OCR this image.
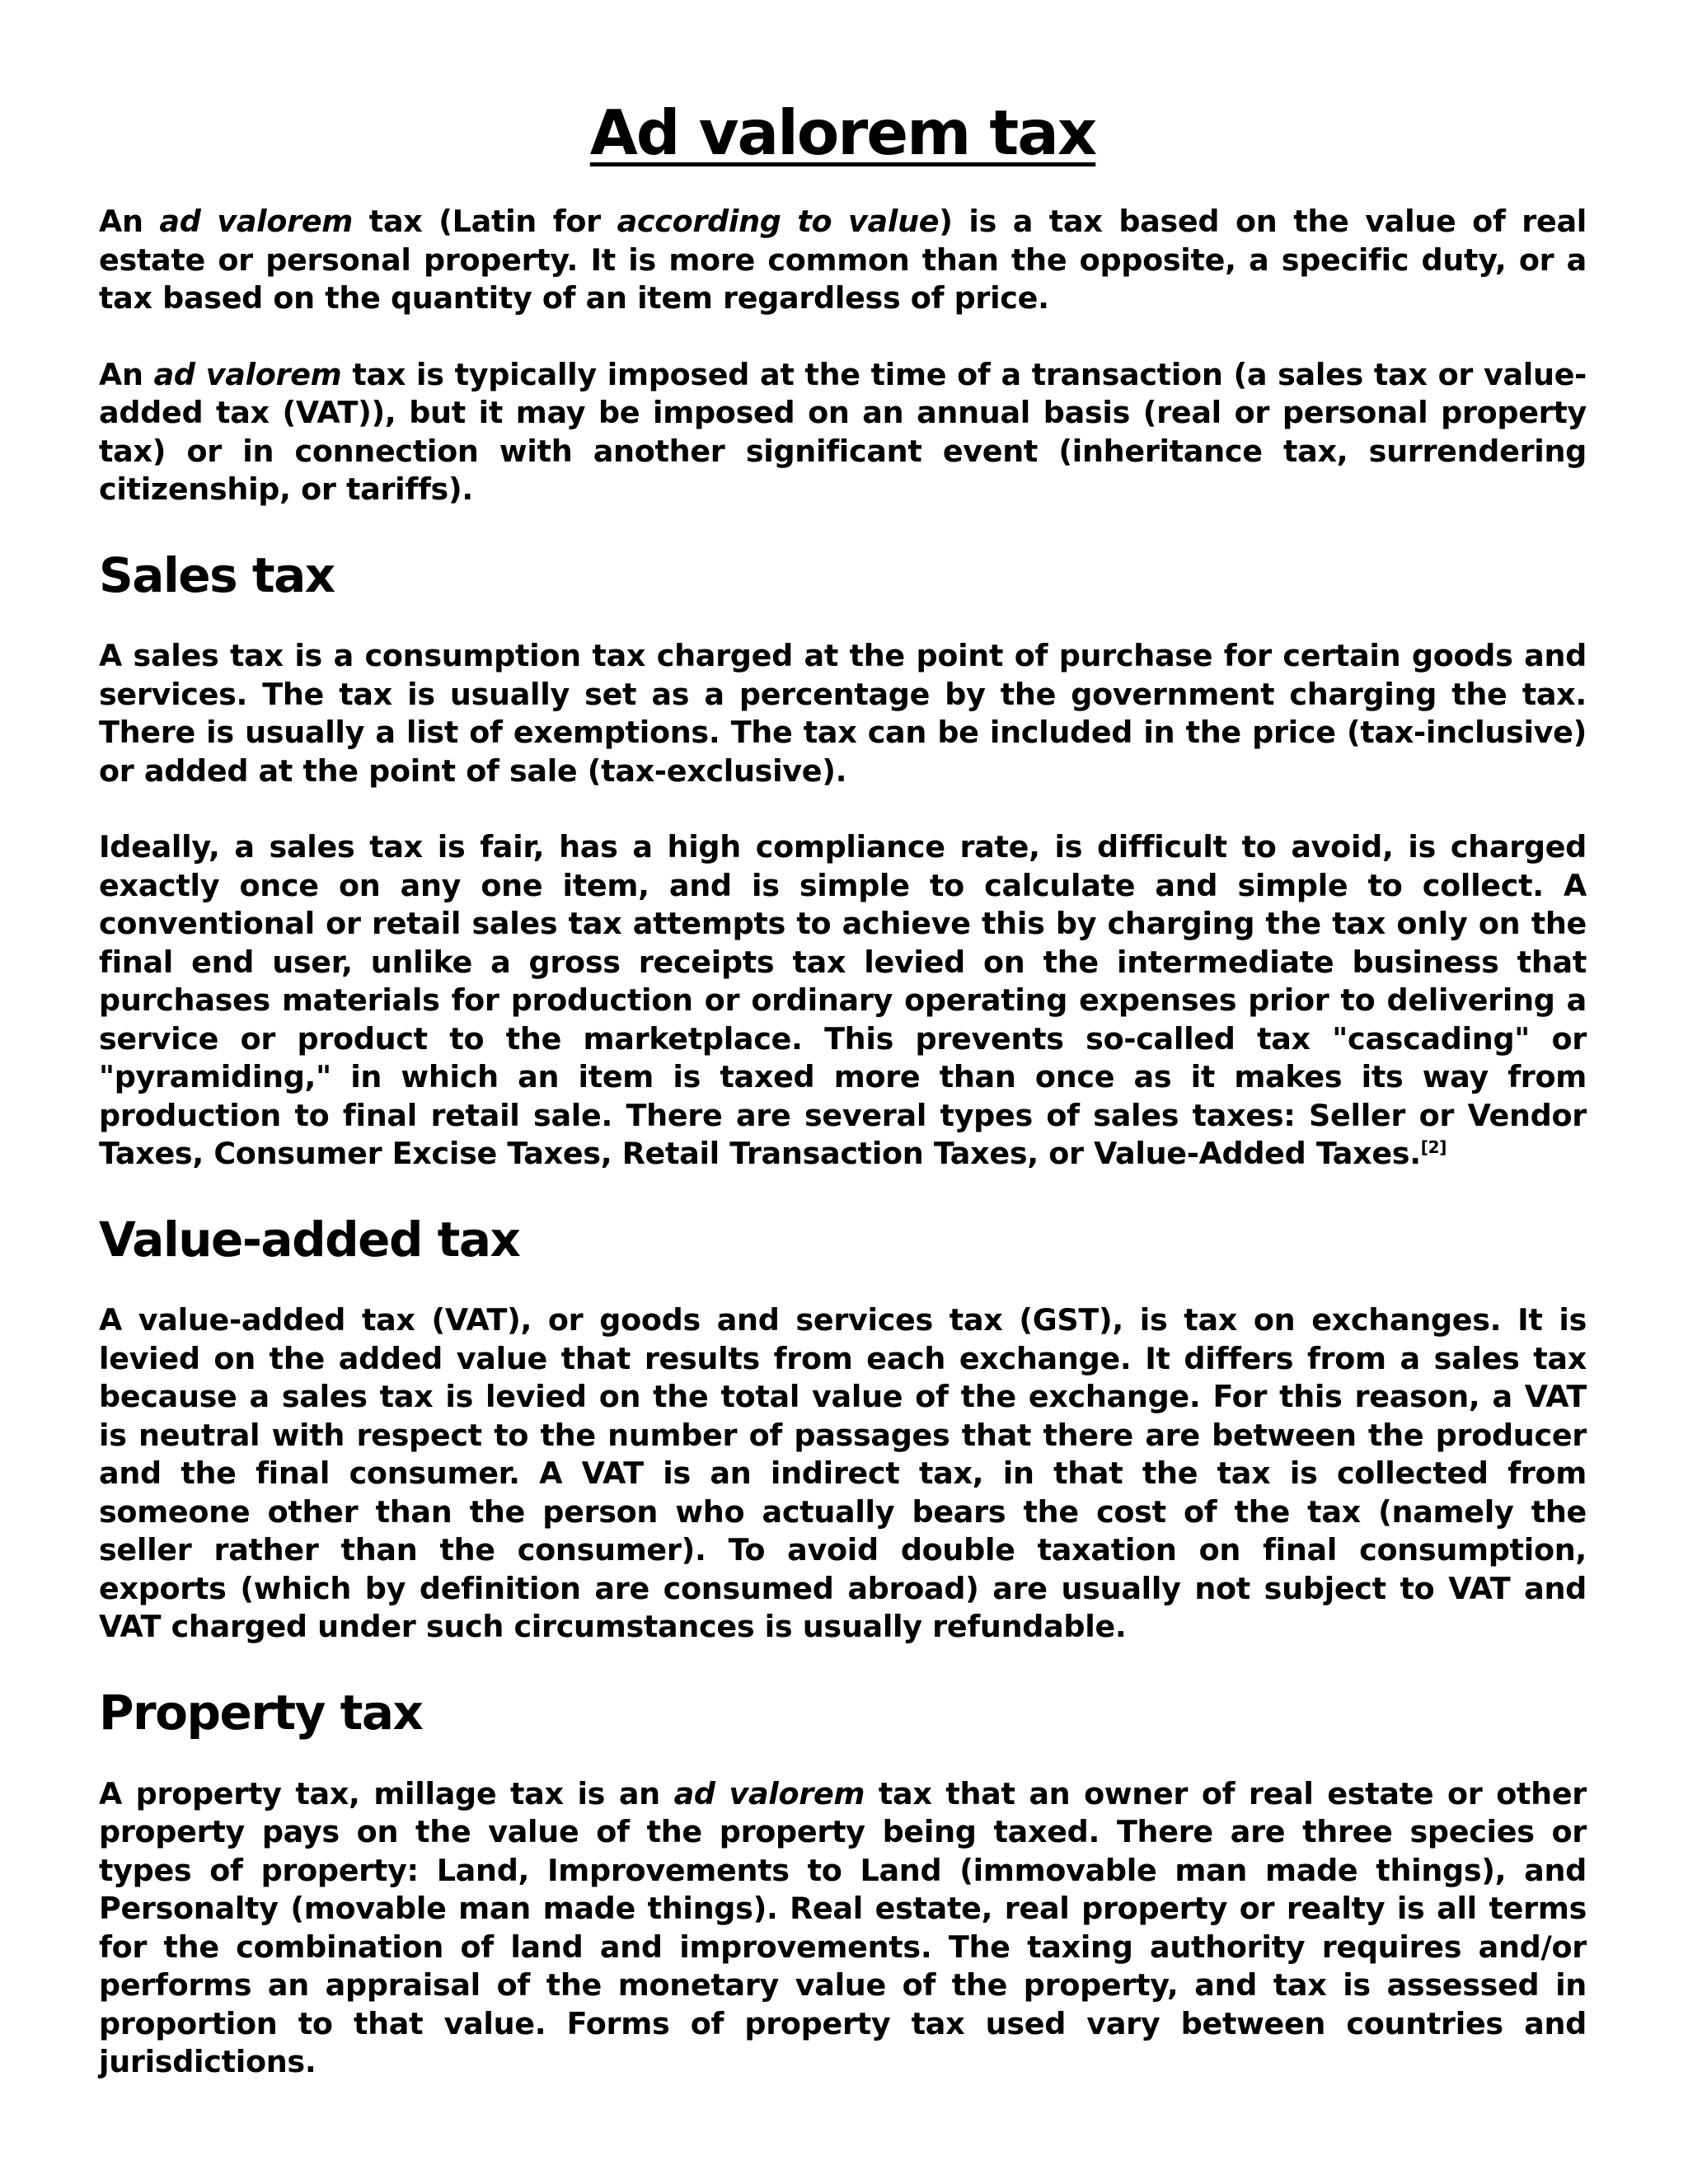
Ad valorem tax

An ad valorem tax (Latin for according to value) is a tax based on the value of real estate or personal property. It is more common than the opposite, a specific duty, or a tax based on the quantity of an item regardless of price.

An ad valorem tax is typically imposed at the time of a transaction (a sales tax or value-added tax (VAT)), but it may be imposed on an annual basis (real or personal property tax) or in connection with another significant event (inheritance tax, surrendering citizenship, or tariffs).

Sales tax

A sales tax is a consumption tax charged at the point of purchase for certain goods and services. The tax is usually set as a percentage by the government charging the tax. There is usually a list of exemptions. The tax can be included in the price (tax-inclusive) or added at the point of sale (tax-exclusive).

Ideally, a sales tax is fair, has a high compliance rate, is difficult to avoid, is charged exactly once on any one item, and is simple to calculate and simple to collect. A conventional or retail sales tax attempts to achieve this by charging the tax only on the final end user, unlike a gross receipts tax levied on the intermediate business that purchases materials for production or ordinary operating expenses prior to delivering a service or product to the marketplace. This prevents so-called tax "cascading" or "pyramiding," in which an item is taxed more than once as it makes its way from production to final retail sale. There are several types of sales taxes: Seller or Vendor Taxes, Consumer Excise Taxes, Retail Transaction Taxes, or Value-Added Taxes.[2]

Value-added tax

A value-added tax (VAT), or goods and services tax (GST), is tax on exchanges. It is levied on the added value that results from each exchange. It differs from a sales tax because a sales tax is levied on the total value of the exchange. For this reason, a VAT is neutral with respect to the number of passages that there are between the producer and the final consumer. A VAT is an indirect tax, in that the tax is collected from someone other than the person who actually bears the cost of the tax (namely the seller rather than the consumer). To avoid double taxation on final consumption, exports (which by definition are consumed abroad) are usually not subject to VAT and VAT charged under such circumstances is usually refundable.

Property tax

A property tax, millage tax is an ad valorem tax that an owner of real estate or other property pays on the value of the property being taxed. There are three species or types of property: Land, Improvements to Land (immovable man made things), and Personalty (movable man made things). Real estate, real property or realty is all terms for the combination of land and improvements. The taxing authority requires and/or performs an appraisal of the monetary value of the property, and tax is assessed in proportion to that value. Forms of property tax used vary between countries and jurisdictions.
